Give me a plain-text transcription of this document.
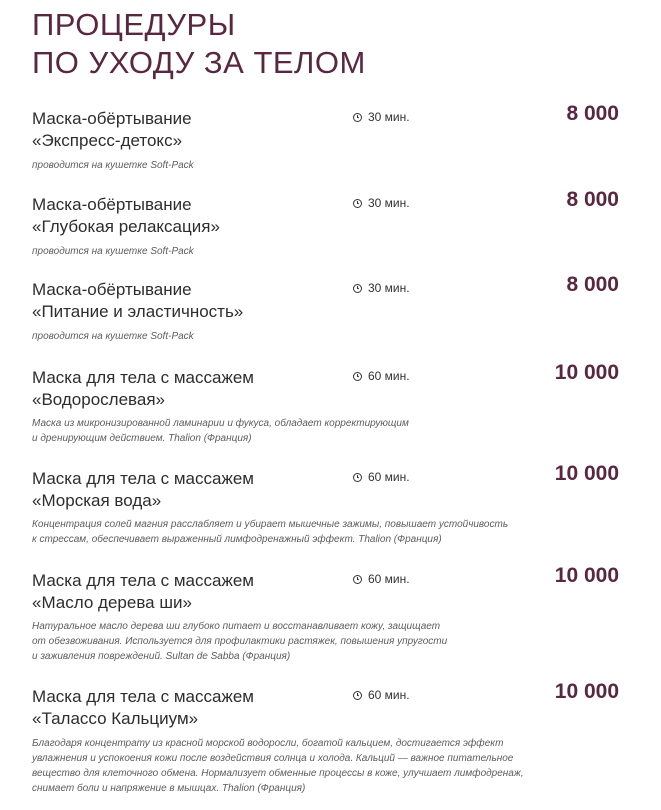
ПРОЦЕДУРЫ
ПО УХОДУ ЗА ТЕЛОМ
Маска-обёртывание
«Экспресс-детокс»
30 мин.	8 000
проводится на кушетке Soft-Pack
Маска-обёртывание
«Глубокая релаксация»
30 мин.	8 000
проводится на кушетке Soft-Pack
Маска-обёртывание
«Питание и эластичность»
30 мин.	8 000
проводится на кушетке Soft-Pack
Маска для тела с массажем
«Водорослевая»
60 мин.	10 000
Маска из микронизированной ламинарии и фукуса, обладает корректирующим
и дренирующим действием. Thalion (Франция)
Маска для тела с массажем
«Морская вода»
60 мин.	10 000
Концентрация солей магния расслабляет и убирает мышечные зажимы, повышает устойчивость
к стрессам, обеспечивает выраженный лимфодренажный эффект. Thalion (Франция)
Маска для тела с массажем
«Масло дерева ши»
60 мин.	10 000
Натуральное масло дерева ши глубоко питает и восстанавливает кожу, защищает
от обезвоживания. Используется для профилактики растяжек, повышения упругости
и заживления повреждений. Sultan de Sabba (Франция)
Маска для тела с массажем
«Талассо Кальциум»
60 мин.	10 000
Благодаря концентрату из красной морской водоросли, богатой кальцием, достигается эффект
увлажнения и успокоения кожи после воздействия солнца и холода. Кальций — важное питательное
вещество для клеточного обмена. Нормализует обменные процессы в коже, улучшает лимфодренаж,
снимает боли и напряжение в мышцах. Thalion (Франция)
